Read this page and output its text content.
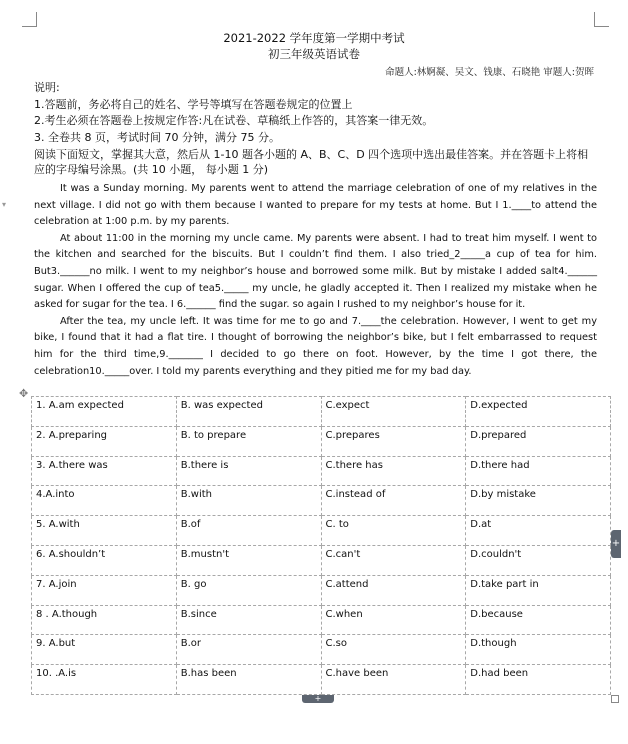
▾
2021-2022 学年度第一学期中考试
初三年级英语试卷
命题人:林婀凝、吴文、钱康、石晓艳 审题人:贺晖
说明:
1.答题前，务必将自己的姓名、学号等填写在答题卷规定的位置上
2.考生必须在答题卷上按规定作答:凡在试卷、草稿纸上作答的，其答案一律无效。
3. 全卷共 8 页，考试时间 70 分钟，满分 75 分。
阅读下面短文，掌握其大意，然后从 1-10 题各小题的 A、B、C、D 四个选项中选出最佳答案。并在答题卡上将相应的字母编号涂黑。(共 10 小题， 每小题 1 分)

It was a Sunday morning. My parents went to attend the marriage celebration of one of my relatives in the next village. I did not go with them because I wanted to prepare for my tests at home. But I 1.____to attend the celebration at 1:00 p.m. by my parents.

At about 11:00 in the morning my uncle came. My parents were absent. I had to treat him myself. I went to the kitchen and searched for the biscuits. But I couldn’t find them. I also tried_2_____a cup of tea for him. But3.______no milk. I went to my neighbor’s house and borrowed some milk. But by mistake I added salt4.______ sugar. When I offered the cup of tea5._____ my uncle, he gladly accepted it. Then I realized my mistake when he asked for sugar for the tea. I 6.______ find the sugar. so again I rushed to my neighbor’s house for it.

After the tea, my uncle left. It was time for me to go and 7.____the celebration. However, I went to get my bike, I found that it had a flat tire. I thought of borrowing the neighbor’s bike, but I felt embarrassed to request him for the third time,9._______ I decided to go there on foot. However, by the time I got there, the celebration10._____over. I told my parents everything and they pitied me for my bad day.

✥
1. A.am expected	B. was expected	C.expect	D.expected
2. A.preparing	B. to prepare	C.prepares	D.prepared
3. A.there was	B.there is	C.there has	D.there had
4.A.into	B.with	C.instead of	D.by mistake
5. A.with	B.of	C. to	D.at
6. A.shouldn’t	B.mustn't	C.can't	D.couldn't
7. A.join	B. go	C.attend	D.take part in
8 . A.though	B.since	C.when	D.because
9. A.but	B.or	C.so	D.though
10. .A.is	B.has been	C.have been	D.had been
+
+
